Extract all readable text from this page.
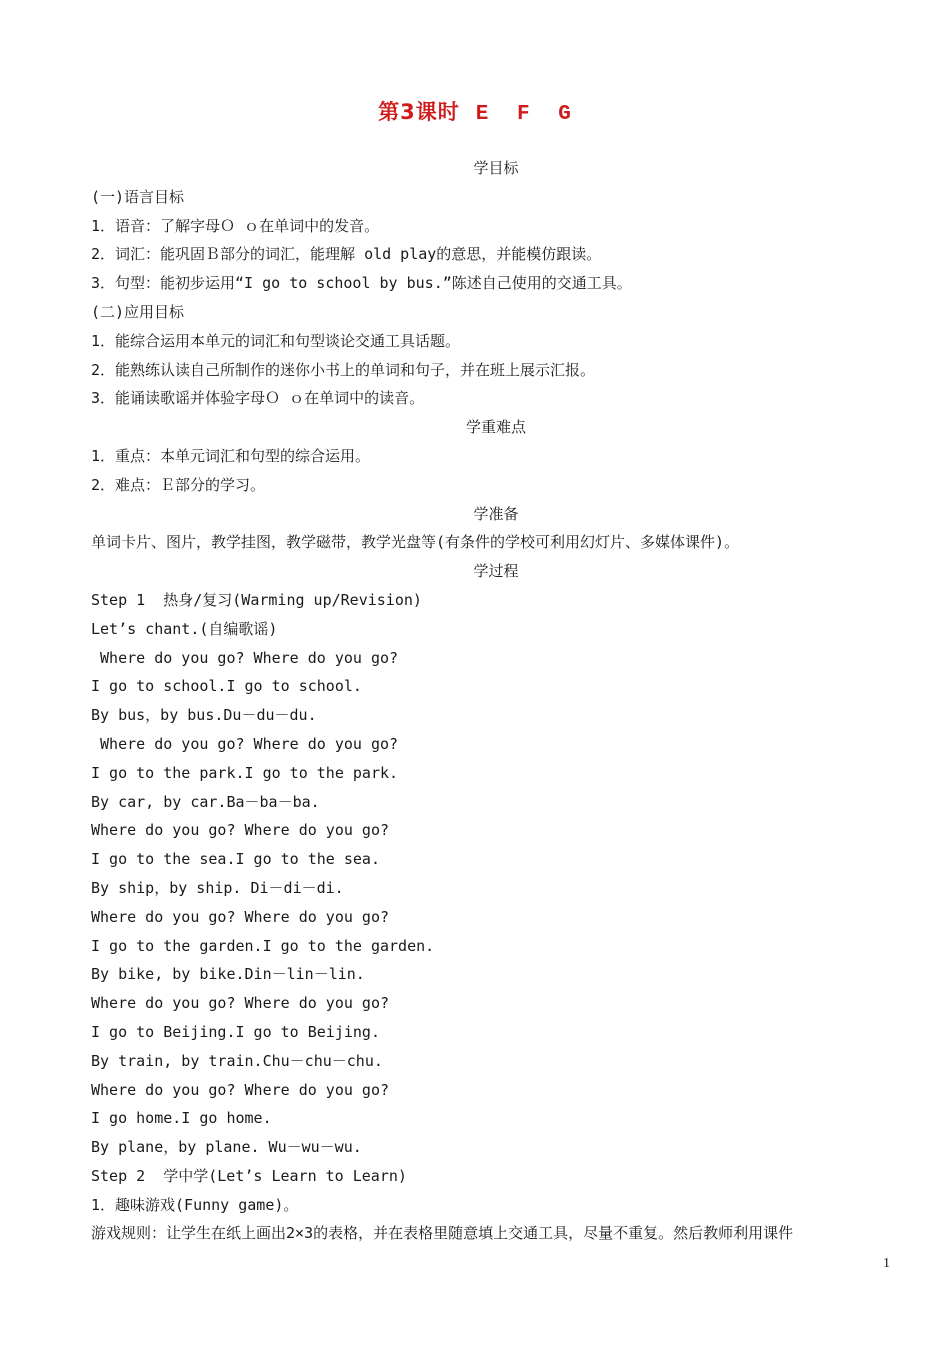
第3课时 E F G
学目标
(一)语言目标
1．语音：了解字母Ｏ ｏ在单词中的发音。
2．词汇：能巩固Ｂ部分的词汇，能理解 old play的意思，并能模仿跟读。
3．句型：能初步运用“I go to school by bus.”陈述自己使用的交通工具。
(二)应用目标
1．能综合运用本单元的词汇和句型谈论交通工具话题。
2．能熟练认读自己所制作的迷你小书上的单词和句子，并在班上展示汇报。
3．能诵读歌谣并体验字母Ｏ ｏ在单词中的读音。
学重难点
1．重点：本单元词汇和句型的综合运用。
2．难点：Ｅ部分的学习。
学准备
单词卡片、图片，教学挂图，教学磁带，教学光盘等(有条件的学校可利用幻灯片、多媒体课件)。
学过程
Step 1  热身/复习(Warming up/Revision)
Let’s chant.(自编歌谣)
Where do you go? Where do you go?
I go to school.I go to school.
By bus，by bus.Du－du－du.
Where do you go? Where do you go?
I go to the park.I go to the park.
By car, by car.Ba－ba－ba.
Where do you go? Where do you go?
I go to the sea.I go to the sea.
By ship，by ship. Di－di－di.
Where do you go? Where do you go?
I go to the garden.I go to the garden.
By bike, by bike.Din－lin－lin.
Where do you go? Where do you go?
I go to Beijing.I go to Beijing.
By train, by train.Chu－chu－chu.
Where do you go? Where do you go?
I go home.I go home.
By plane，by plane. Wu－wu－wu.
Step 2  学中学(Let’s Learn to Learn)
1．趣味游戏(Funny game)。
游戏规则：让学生在纸上画出2×3的表格，并在表格里随意填上交通工具，尽量不重复。然后教师利用课件
1
